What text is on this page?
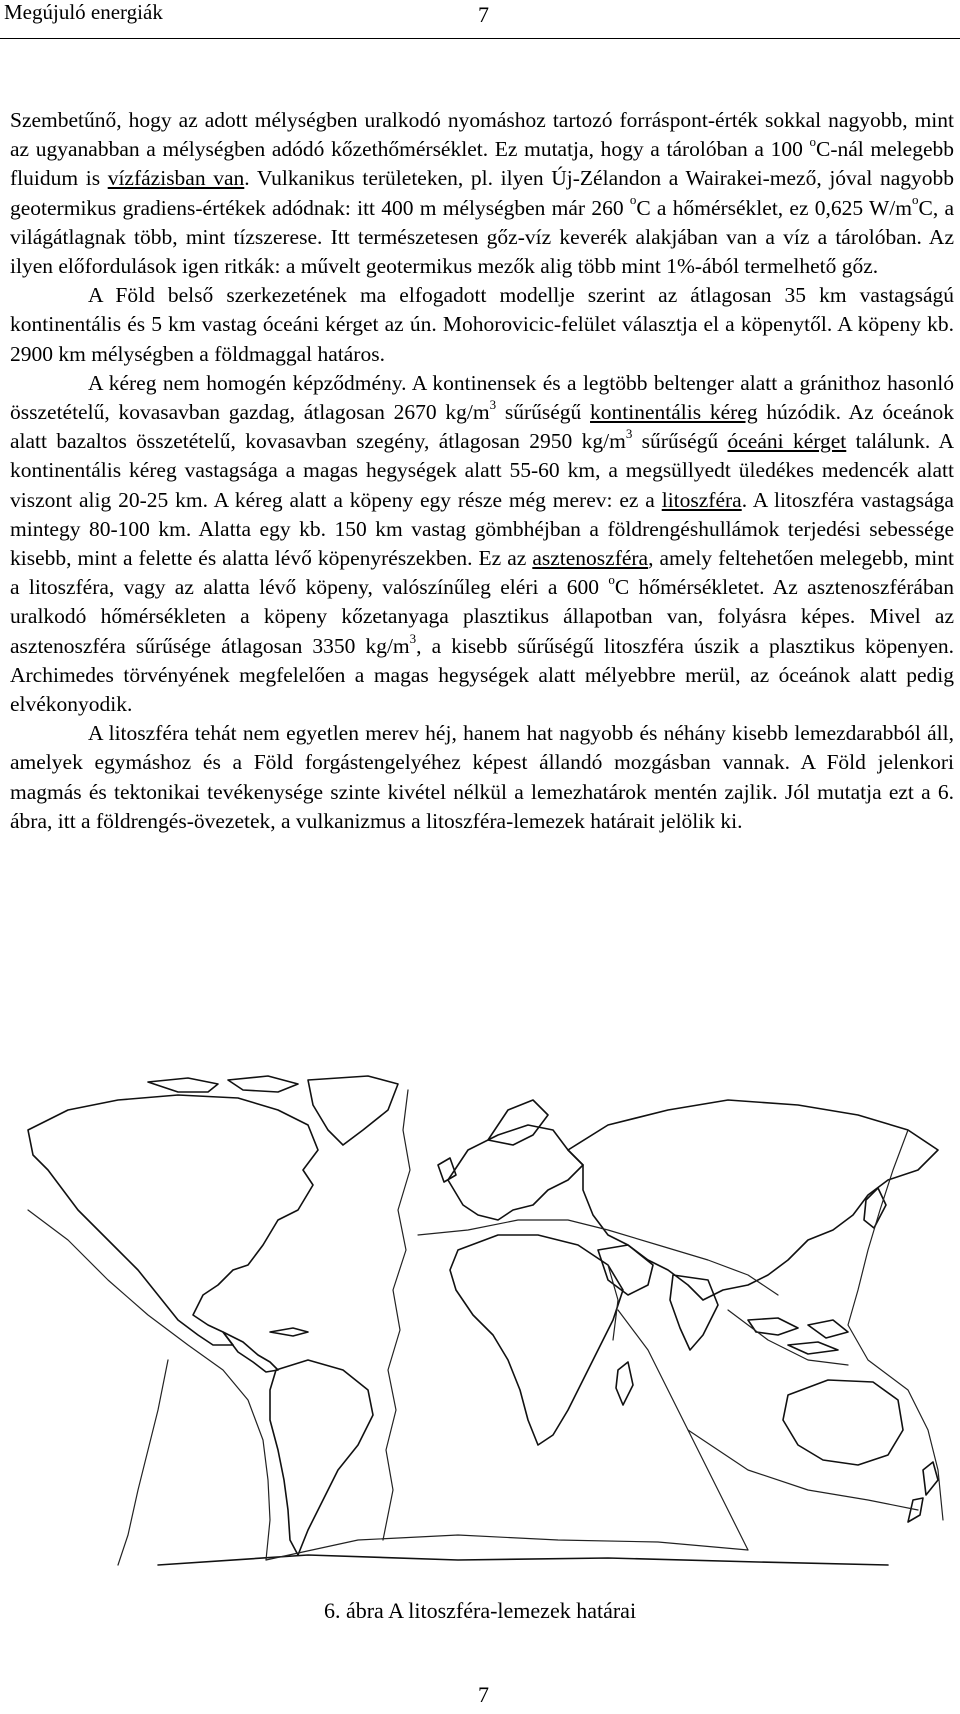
Megújuló energiák	7

Szembetűnő, hogy az adott mélységben uralkodó nyomáshoz tartozó forráspont-érték sokkal nagyobb, mint az ugyanabban a mélységben adódó kőzethőmérséklet. Ez mutatja, hogy a tárolóban a 100 $^o$C-nál melegebb fluidum is vízfázisban van. Vulkanikus területeken, pl. ilyen Új-Zélandon a Wairakei-mező, jóval nagyobb geotermikus gradiens-értékek adódnak: itt 400 m mélységben már 260 $^o$C a hőmérséklet, ez 0,625 $W/m^oC$, a világátlagnak több, mint tízszerese. Itt természetesen gőz-víz keverék alakjában van a víz a tárolóban. Az ilyen előfordulások igen ritkák: a művelt geotermikus mezők alig több mint 1%-ából termelhető gőz.

A Föld belső szerkezetének ma elfogadott modellje szerint az átlagosan 35 km vastagságú kontinentális és 5 km vastag óceáni kérget az ún. Mohorovicic-felület választja el a köpenytől. A köpeny kb. 2900 km mélységben a földmaggal határos.

A kéreg nem homogén képződmény. A kontinensek és a legtöbb beltenger alatt a gránithoz hasonló összetételű, kovasavban gazdag, átlagosan 2670 $kg/m^3$ sűrűségű kontinentális kéreg húzódik. Az óceánok alatt bazaltos összetételű, kovasavban szegény, átlagosan 2950 $kg/m^3$ sűrűségű óceáni kérget találunk. A kontinentális kéreg vastagsága a magas hegységek alatt 55-60 km, a megsüllyedt üledékes medencék alatt viszont alig 20-25 km. A kéreg alatt a köpeny egy része még merev: ez a litoszféra. A litoszféra vastagsága mintegy 80-100 km. Alatta egy kb. 150 km vastag gömbhéjban a földrengéshullámok terjedési sebessége kisebb, mint a felette és alatta lévő köpenyrészekben. Ez az asztenoszféra, amely feltehetően melegebb, mint a litoszféra, vagy az alatta lévő köpeny, valószínűleg eléri a 600 $^o$C hőmérsékletet. Az asztenoszférában uralkodó hőmérsékleten a köpeny kőzetanyaga plasztikus állapotban van, folyásra képes. Mivel az asztenoszféra sűrűsége átlagosan 3350 $kg/m^3$, a kisebb sűrűségű litoszféra úszik a plasztikus köpenyen. Archimedes törvényének megfelelően a magas hegységek alatt mélyebbre merül, az óceánok alatt pedig elvékonyodik.

A litoszféra tehát nem egyetlen merev héj, hanem hat nagyobb és néhány kisebb lemezdarabból áll, amelyek egymáshoz és a Föld forgástengelyéhez képest állandó mozgásban vannak. A Föld jelenkori magmás és tektonikai tevékenysége szinte kivétel nélkül a lemezhatárok mentén zajlik. Jól mutatja ezt a 6. ábra, itt a földrengés-övezetek, a vulkanizmus a litoszféra-lemezek határait jelölik ki.

6. ábra A litoszféra-lemezek határai
7
